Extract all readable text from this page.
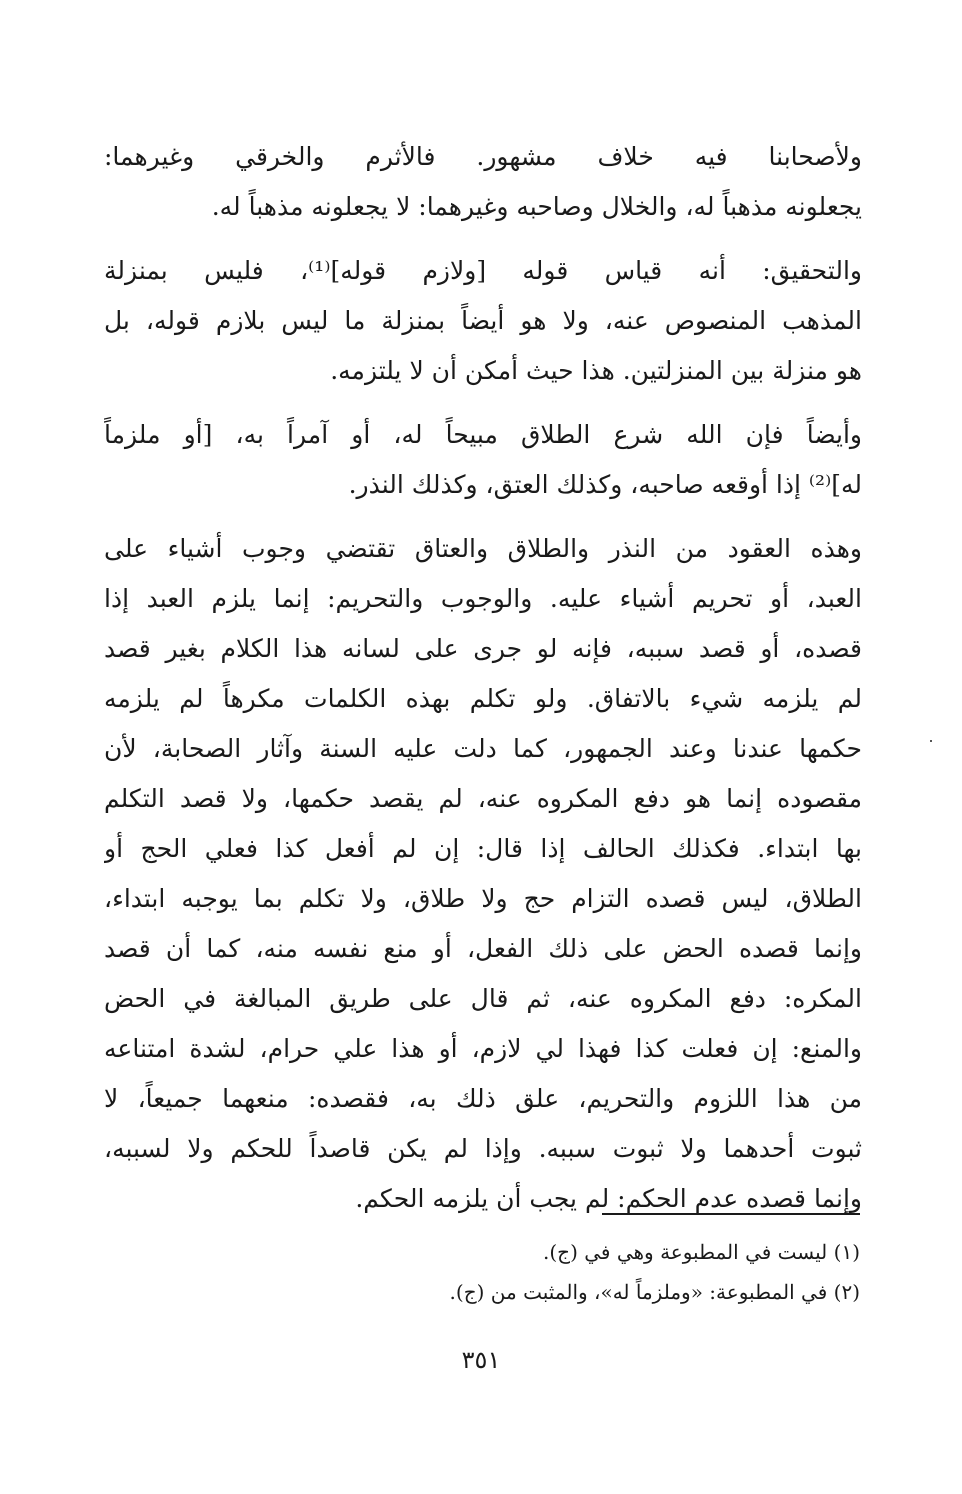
ولأصحابنا فيه خلاف مشهور. فالأثرم والخرقي وغيرهما:
يجعلونه مذهباً له، والخلال وصاحبه وغيرهما: لا يجعلونه مذهباً له.
والتحقيق: أنه قياس قوله [ولازم قوله]⁽¹⁾، فليس بمنزلة
المذهب المنصوص عنه، ولا هو أيضاً بمنزلة ما ليس بلازم قوله، بل
هو منزلة بين المنزلتين. هذا حيث أمكن أن لا يلتزمه.
وأيضاً فإن الله شرع الطلاق مبيحاً له، أو آمراً به، [أو ملزماً
له]⁽²⁾ إذا أوقعه صاحبه، وكذلك العتق، وكذلك النذر.
وهذه العقود من النذر والطلاق والعتاق تقتضي وجوب أشياء على
العبد، أو تحريم أشياء عليه. والوجوب والتحريم: إنما يلزم العبد إذا
قصده، أو قصد سببه، فإنه لو جرى على لسانه هذا الكلام بغير قصد
لم يلزمه شيء بالاتفاق. ولو تكلم بهذه الكلمات مكرهاً لم يلزمه
حكمها عندنا وعند الجمهور، كما دلت عليه السنة وآثار الصحابة، لأن
مقصوده إنما هو دفع المكروه عنه، لم يقصد حكمها، ولا قصد التكلم
بها ابتداء. فكذلك الحالف إذا قال: إن لم أفعل كذا فعلي الحج أو
الطلاق، ليس قصده التزام حج ولا طلاق، ولا تكلم بما يوجبه ابتداء،
وإنما قصده الحض على ذلك الفعل، أو منع نفسه منه، كما أن قصد
المكره: دفع المكروه عنه، ثم قال على طريق المبالغة في الحض
والمنع: إن فعلت كذا فهذا لي لازم، أو هذا علي حرام، لشدة امتناعه
من هذا اللزوم والتحريم، علق ذلك به، فقصده: منعهما جميعاً، لا
ثبوت أحدهما ولا ثبوت سببه. وإذا لم يكن قاصداً للحكم ولا لسببه،
وإنما قصده عدم الحكم: لم يجب أن يلزمه الحكم.
(١) ليست في المطبوعة وهي في (ج).
(٢) في المطبوعة: «وملزماً له»، والمثبت من (ج).
٣٥١
